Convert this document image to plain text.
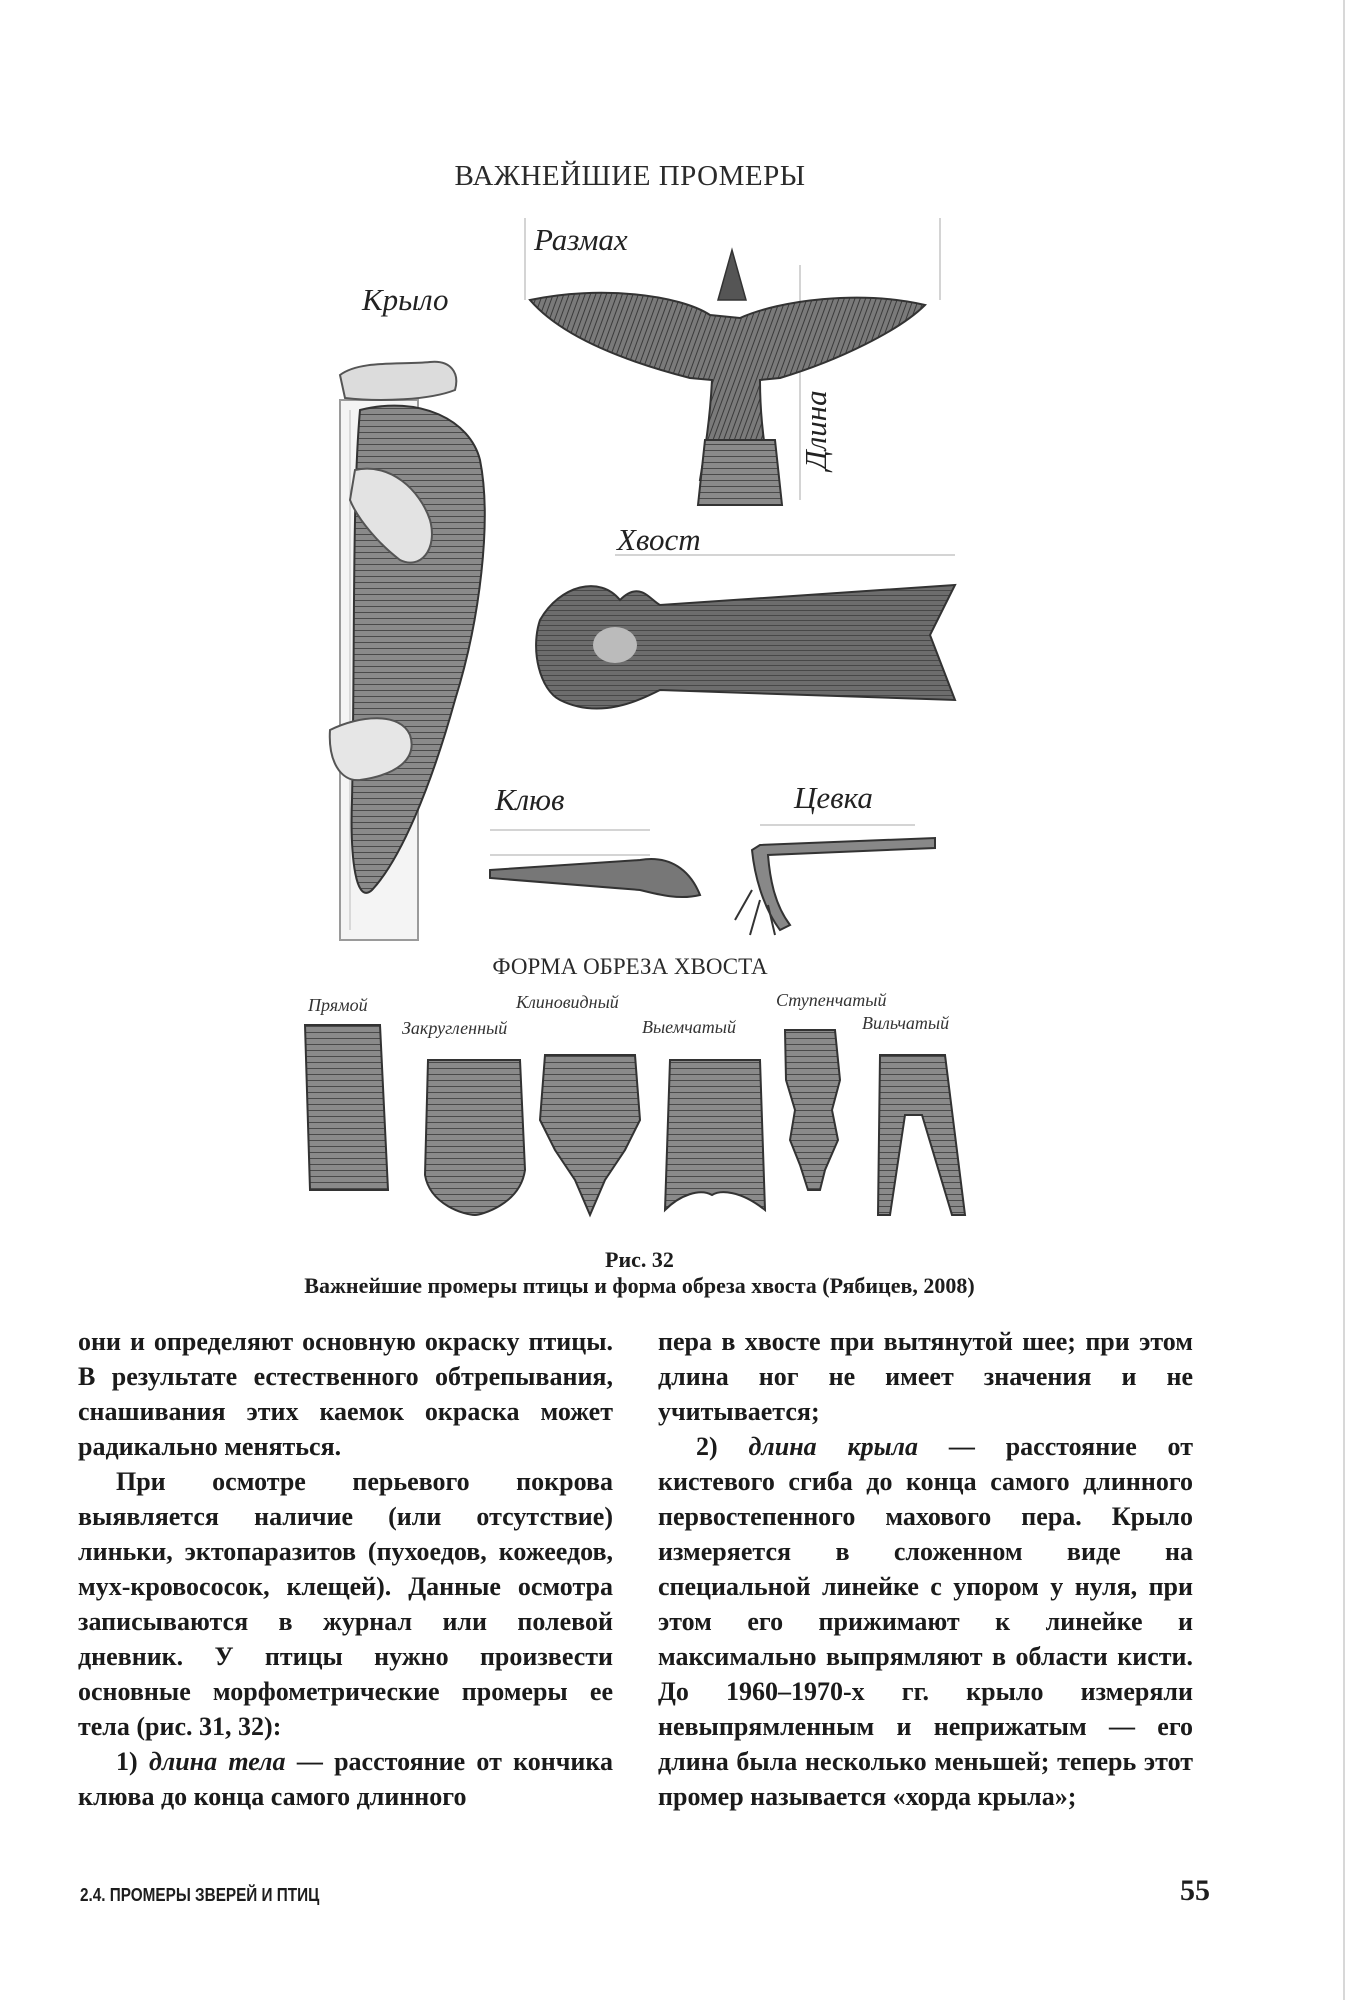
ВАЖНЕЙШИЕ ПРОМЕРЫ
Размах
Крыло
Длина
Хвост
Клюв	Цевка
ФОРМА ОБРЕЗА ХВОСТА
Прямой
Закругленный
Клиновидный
Выемчатый
Ступенчатый
Вильчатый
Рис. 32
Важнейшие промеры птицы и форма обреза хвоста (Рябицев, 2008)

они и определяют основную окраску птицы. В результате естественного обтрепывания, снашивания этих каемок окраска может радикально меняться.

При осмотре перьевого покрова выявляется наличие (или отсутствие) линьки, эктопаразитов (пухоедов, кожеедов, мух-кровососок, клещей). Данные осмотра записываются в журнал или полевой дневник. У птицы нужно произвести основные морфометрические промеры ее тела (рис. 31, 32):

1) длина тела — расстояние от кончика клюва до конца самого длинного

пера в хвосте при вытянутой шее; при этом длина ног не имеет значения и не учитывается;

2) длина крыла — расстояние от кистевого сгиба до конца самого длинного первостепенного махового пера. Крыло измеряется в сложенном виде на специальной линейке с упором у нуля, при этом его прижимают к линейке и максимально выпрямляют в области кисти. До 1960–1970-х гг. крыло измеряли невыпрямленным и неприжатым — его длина была несколько меньшей; теперь этот промер называется «хорда крыла»;

2.4. ПРОМЕРЫ ЗВЕРЕЙ И ПТИЦ	55
